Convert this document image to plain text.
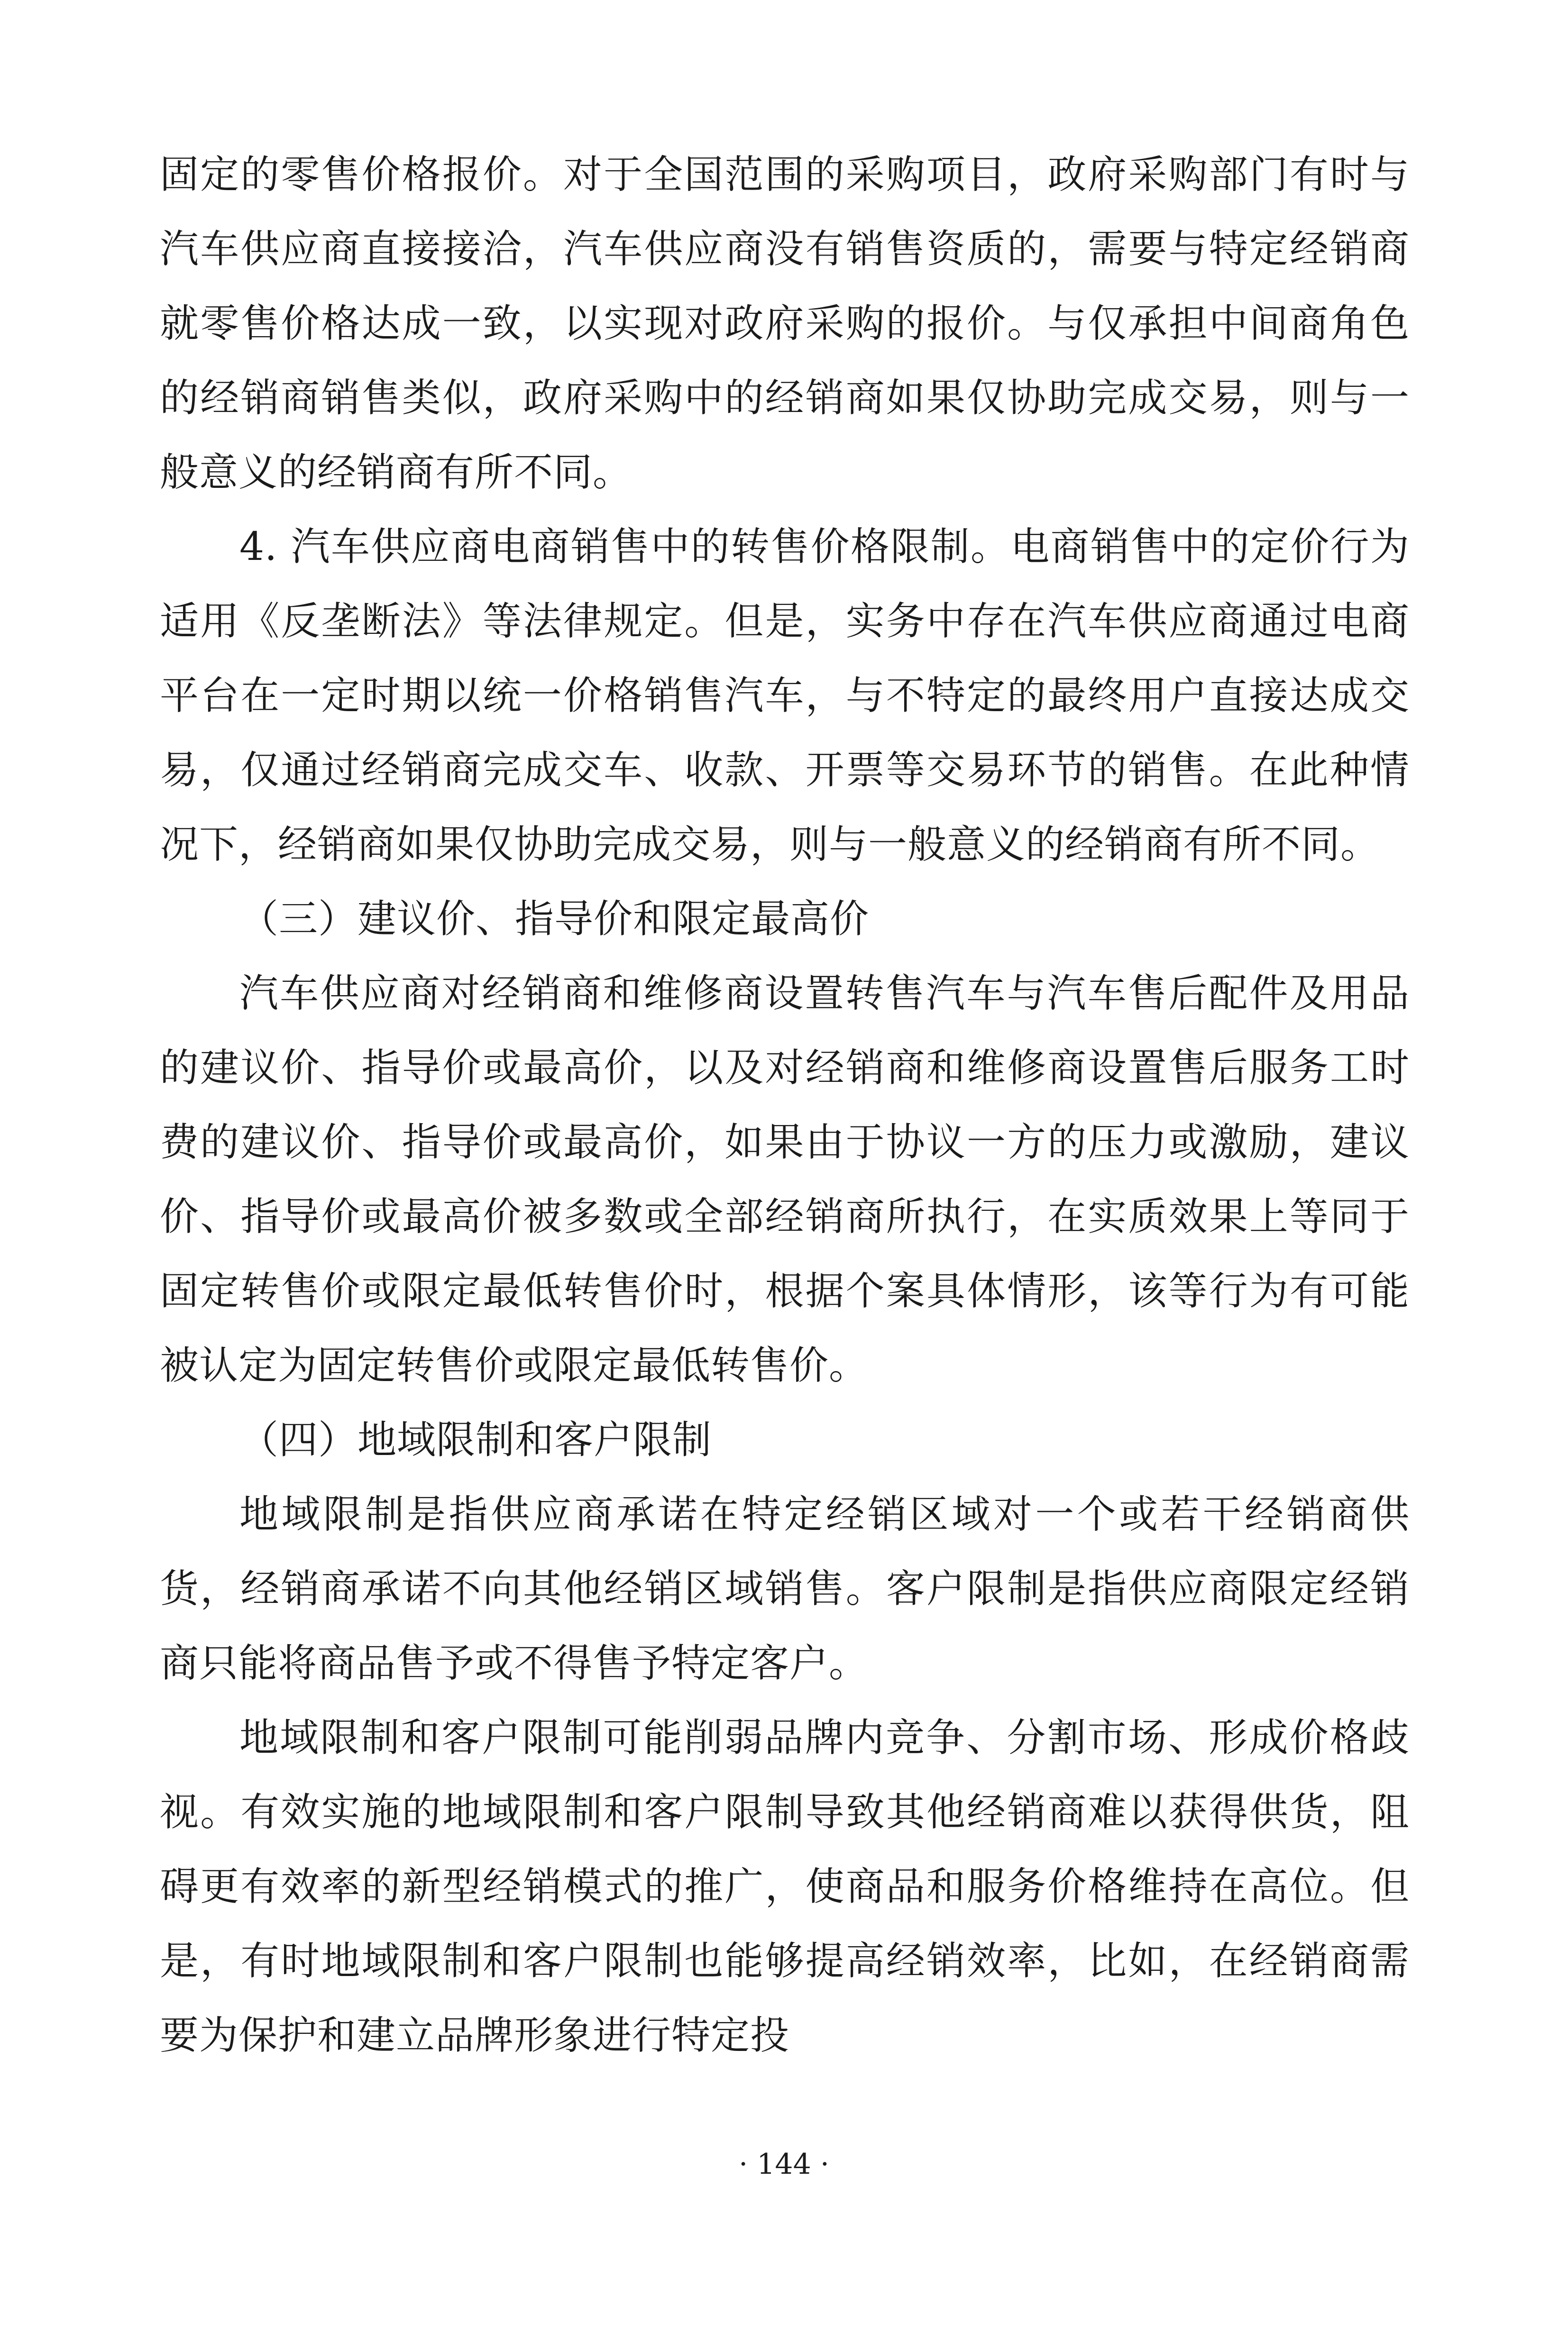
固定的零售价格报价。对于全国范围的采购项目，政府采购部门有时与汽车供应商直接接洽，汽车供应商没有销售资质的，需要与特定经销商就零售价格达成一致，以实现对政府采购的报价。与仅承担中间商角色的经销商销售类似，政府采购中的经销商如果仅协助完成交易，则与一般意义的经销商有所不同。

4. 汽车供应商电商销售中的转售价格限制。电商销售中的定价行为适用《反垄断法》等法律规定。但是，实务中存在汽车供应商通过电商平台在一定时期以统一价格销售汽车，与不特定的最终用户直接达成交易，仅通过经销商完成交车、收款、开票等交易环节的销售。在此种情况下，经销商如果仅协助完成交易，则与一般意义的经销商有所不同。

（三）建议价、指导价和限定最高价

汽车供应商对经销商和维修商设置转售汽车与汽车售后配件及用品的建议价、指导价或最高价，以及对经销商和维修商设置售后服务工时费的建议价、指导价或最高价，如果由于协议一方的压力或激励，建议价、指导价或最高价被多数或全部经销商所执行，在实质效果上等同于固定转售价或限定最低转售价时，根据个案具体情形，该等行为有可能被认定为固定转售价或限定最低转售价。

（四）地域限制和客户限制

地域限制是指供应商承诺在特定经销区域对一个或若干经销商供货，经销商承诺不向其他经销区域销售。客户限制是指供应商限定经销商只能将商品售予或不得售予特定客户。

地域限制和客户限制可能削弱品牌内竞争、分割市场、形成价格歧视。有效实施的地域限制和客户限制导致其他经销商难以获得供货，阻碍更有效率的新型经销模式的推广，使商品和服务价格维持在高位。但是，有时地域限制和客户限制也能够提高经销效率，比如，在经销商需要为保护和建立品牌形象进行特定投

· 144 ·
